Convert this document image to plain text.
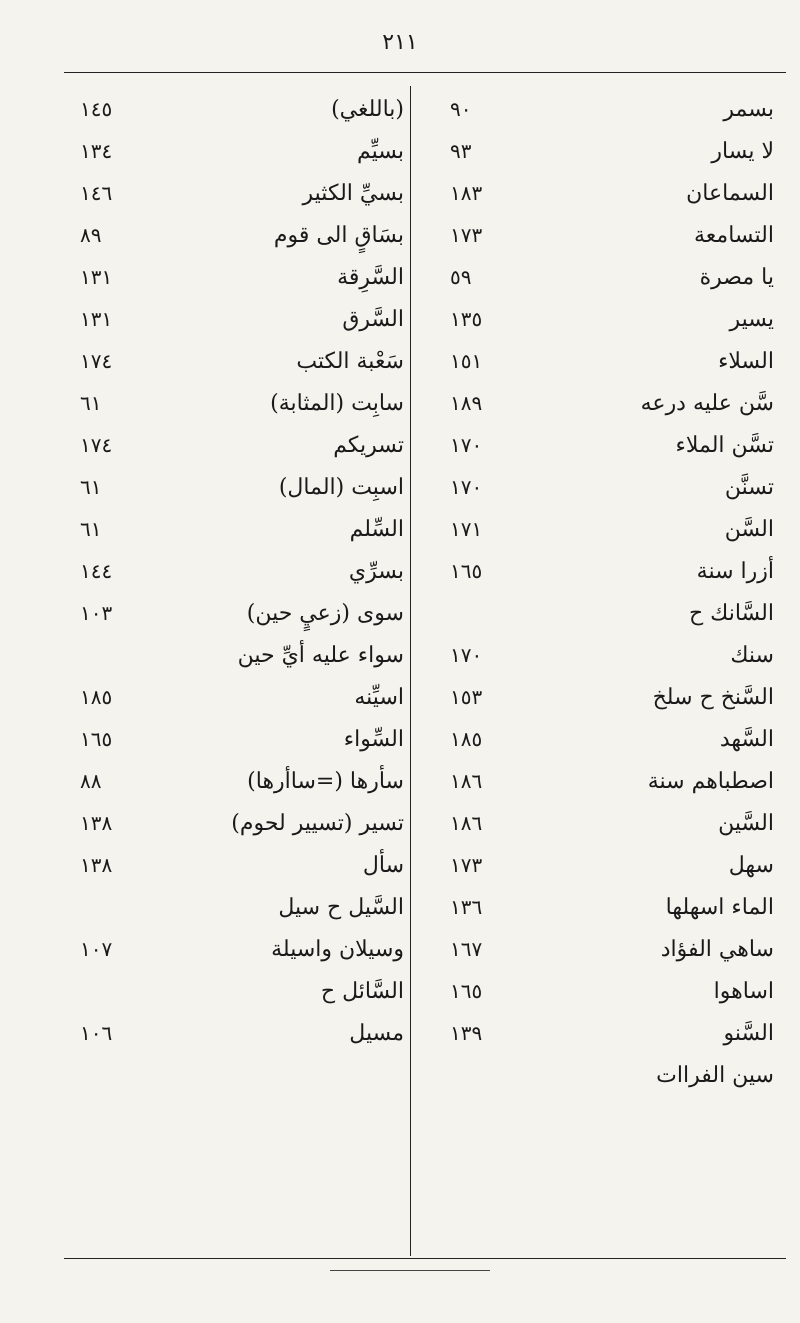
٢١١
١٤٥	(باللغي)
١٣٤	بسيِّم
١٤٦	بسيِّ الكثير
٨٩	بسَاقٍ الى قوم
١٣١	السَّرِقة
١٣١	السَّرق
١٧٤	سَعْبة الكتب
٦١	سابِت (المثابة)
١٧٤	تسريكم
٦١	اسبِت (المال)
٦١	السِّلم
١٤٤	بسرِّي
١٠٣	سوى (زعيٍ حين)
سواء عليه أيِّ حين
١٨٥	اسيِّنه
١٦٥	السِّواء
٨٨	سأرها (=ساأرها)
١٣٨	تسير (تسيير لحوم)
١٣٨	سأل
السَّيل ح سيل
١٠٧	وسيلان واسيلة
السَّائل ح
١٠٦	مسيل
٩٠	بسمر
٩٣	لا يسار
١٨٣	السماعان
١٧٣	التسامعة
٥٩	يا مصرة
١٣٥	يسير
١٥١	السلاء
١٨٩	سَّن عليه درعه
١٧٠	تسَّن الملاء
١٧٠	تسنَّن
١٧١	السَّن
١٦٥	أزرا سنة
السَّانك ح
١٧٠	سنك
١٥٣	السَّنخ ح سلخ
١٨٥	السَّهد
١٨٦	اصطباهم سنة
١٨٦	السَّين
١٧٣	سهل
١٣٦	الماء اسهلها
١٦٧	ساهي الفؤاد
١٦٥	اساهوا
١٣٩	السَّنو
سين الفراات
